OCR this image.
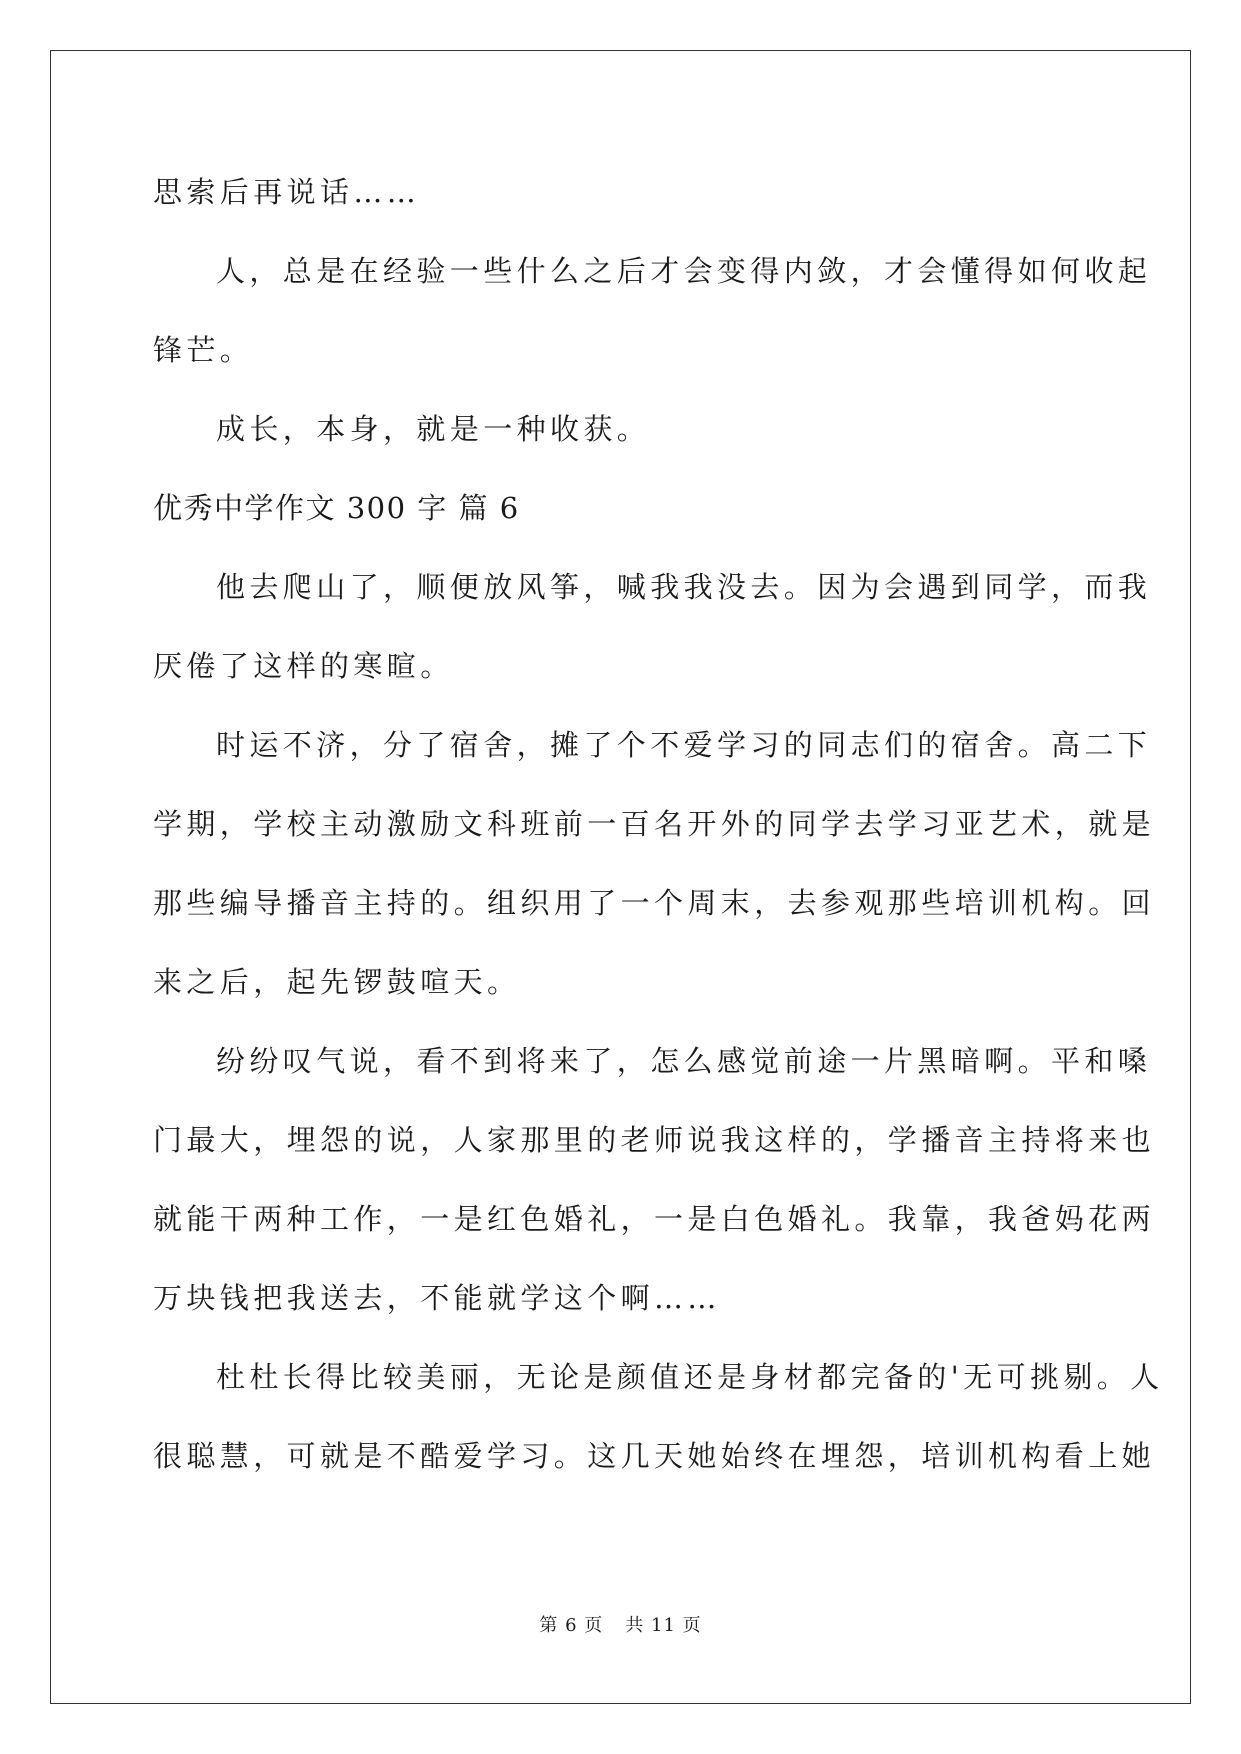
思索后再说话……
人，总是在经验一些什么之后才会变得内敛，才会懂得如何收起
锋芒。
成长，本身，就是一种收获。
优秀中学作文 300 字 篇 6
他去爬山了，顺便放风筝，喊我我没去。因为会遇到同学，而我
厌倦了这样的寒暄。
时运不济，分了宿舍，摊了个不爱学习的同志们的宿舍。高二下
学期，学校主动激励文科班前一百名开外的同学去学习亚艺术，就是
那些编导播音主持的。组织用了一个周末，去参观那些培训机构。回
来之后，起先锣鼓喧天。
纷纷叹气说，看不到将来了，怎么感觉前途一片黑暗啊。平和嗓
门最大，埋怨的说，人家那里的老师说我这样的，学播音主持将来也
就能干两种工作，一是红色婚礼，一是白色婚礼。我靠，我爸妈花两
万块钱把我送去，不能就学这个啊……
杜杜长得比较美丽，无论是颜值还是身材都完备的'无可挑剔。人
很聪慧，可就是不酷爱学习。这几天她始终在埋怨，培训机构看上她
第 6 页 共 11 页
